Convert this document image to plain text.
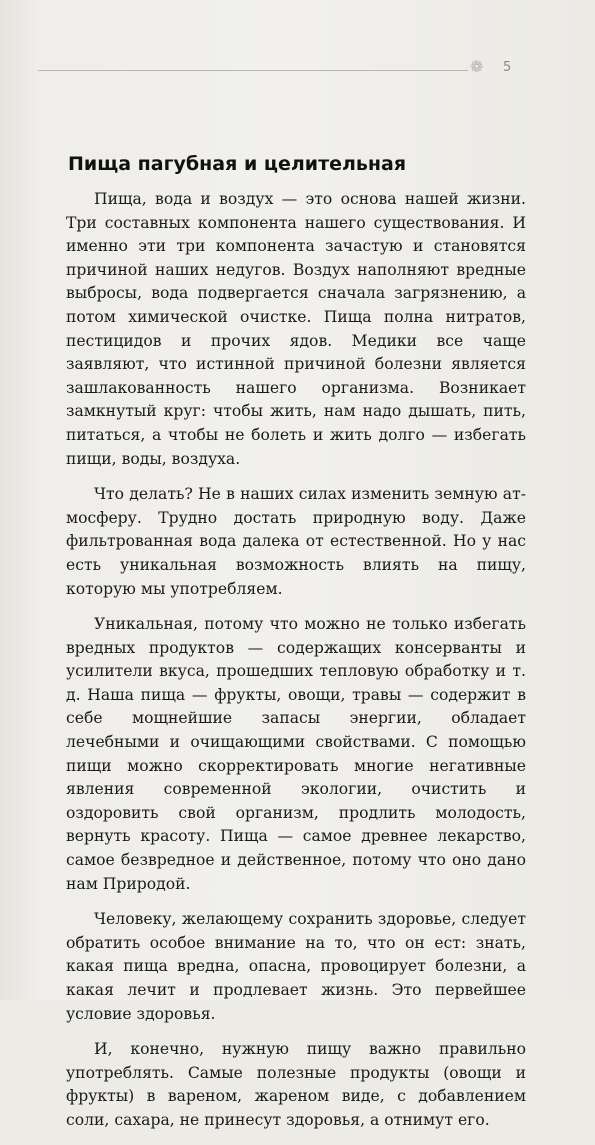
❁	5
Пища пагубная и целительная

Пища, вода и воздух — это основа нашей жизни. Три составных компонента нашего существования. И именно эти три компонента зачастую и становятся причиной наших недугов. Воздух наполняют вредные выбросы, вода подвергается сначала загрязнению, а потом химической очистке. Пища полна нитратов, пестицидов и прочих ядов. Медики все чаще заявляют, что истинной причиной болезни является зашлакованность нашего организма. Возникает замкнутый круг: чтобы жить, нам надо дышать, пить, питаться, а чтобы не болеть и жить долго — избегать пищи, воды, воздуха.

Что делать? Не в наших силах изменить земную атмосферу. Трудно достать природную воду. Даже фильтрованная вода далека от естественной. Но у нас есть уникальная возможность влиять на пищу, которую мы употребляем.

Уникальная, потому что можно не только избегать вредных продуктов — содержащих консерванты и усилители вкуса, прошедших тепловую обработку и т. д. Наша пища — фрукты, овощи, травы — содержит в себе мощнейшие запасы энергии, обладает лечебными и очищающими свойствами. С помощью пищи можно скорректировать многие негативные явления современной экологии, очистить и оздоровить свой организм, продлить молодость, вернуть красоту. Пища — самое древнее лекарство, самое безвредное и действенное, потому что оно дано нам Природой.

Человеку, желающему сохранить здоровье, следует обратить особое внимание на то, что он ест: знать, какая пища вредна, опасна, провоцирует болезни, а какая лечит и продлевает жизнь. Это первейшее условие здоровья.

И, конечно, нужную пищу важно правильно употреблять. Самые полезные продукты (овощи и фрукты) в вареном, жареном виде, с добавлением соли, сахара, не принесут здоровья, а отнимут его.
